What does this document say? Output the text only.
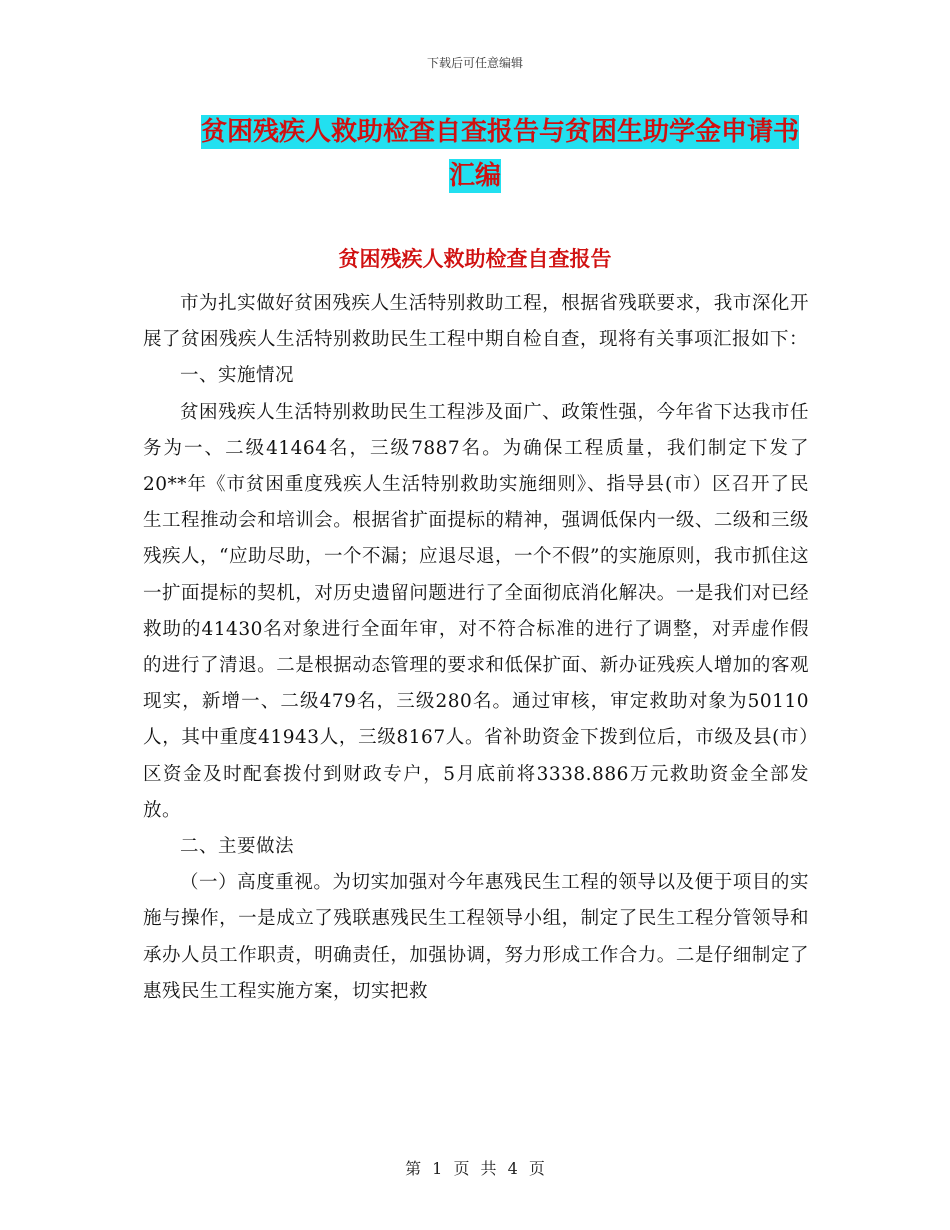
下载后可任意编辑
贫困残疾人救助检查自查报告与贫困生助学金申请书
汇编
贫困残疾人救助检查自查报告

市为扎实做好贫困残疾人生活特别救助工程，根据省残联要求，我市深化开展了贫困残疾人生活特别救助民生工程中期自检自查，现将有关事项汇报如下：

一、实施情况

贫困残疾人生活特别救助民生工程涉及面广、政策性强，今年省下达我市任务为一、二级41464名，三级7887名。为确保工程质量，我们制定下发了20**年《市贫困重度残疾人生活特别救助实施细则》、指导县(市）区召开了民生工程推动会和培训会。根据省扩面提标的精神，强调低保内一级、二级和三级残疾人，“应助尽助，一个不漏；应退尽退，一个不假”的实施原则，我市抓住这一扩面提标的契机，对历史遗留问题进行了全面彻底消化解决。一是我们对已经救助的41430名对象进行全面年审，对不符合标准的进行了调整，对弄虚作假的进行了清退。二是根据动态管理的要求和低保扩面、新办证残疾人增加的客观现实，新增一、二级479名，三级280名。通过审核，审定救助对象为50110人，其中重度41943人，三级8167人。省补助资金下拨到位后，市级及县(市）区资金及时配套拨付到财政专户，5月底前将3338.886万元救助资金全部发放。

二、主要做法

（一）高度重视。为切实加强对今年惠残民生工程的领导以及便于项目的实施与操作，一是成立了残联惠残民生工程领导小组，制定了民生工程分管领导和承办人员工作职责，明确责任，加强协调，努力形成工作合力。二是仔细制定了惠残民生工程实施方案，切实把救

第 1 页 共 4 页
